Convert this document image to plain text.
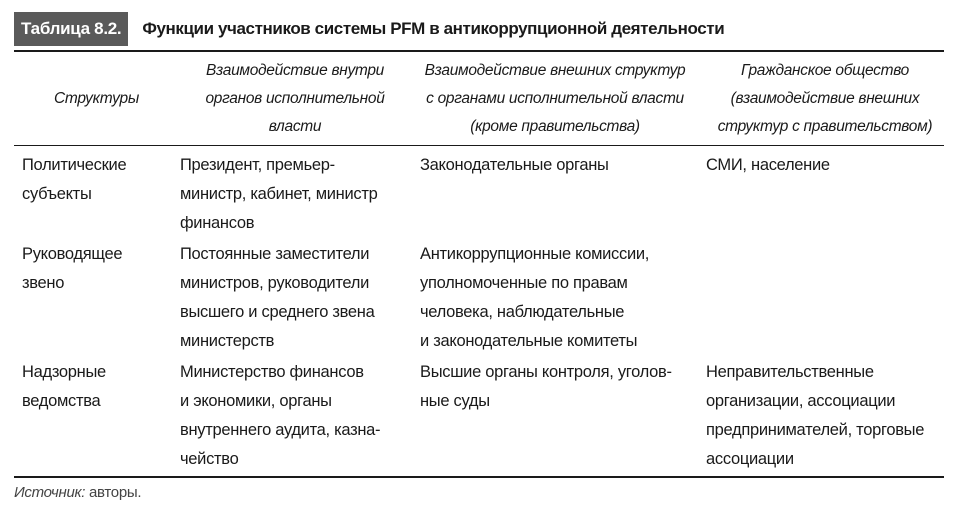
Таблица 8.2.	Функции участников системы PFM в антикоррупционной деятельности
Структуры
Взаимодействие внутри
органов исполнительной
власти
Взаимодействие внешних структур
с органами исполнительной власти
(кроме правительства)
Гражданское общество
(взаимодействие внешних
структур с правительством)
Политические
субъекты
Президент, премьер-
министр, кабинет, министр
финансов
Законодательные органы	СМИ, население
Руководящее
звено
Постоянные заместители
министров, руководители
высшего и среднего звена
министерств
Антикоррупционные комиссии,
уполномоченные по правам
человека, наблюдательные
и законодательные комитеты
Надзорные
ведомства
Министерство финансов
и экономики, органы
внутреннего аудита, казна-
чейство
Высшие органы контроля, уголов-
ные суды
Неправительственные
организации, ассоциации
предпринимателей, торговые
ассоциации
Источник: авторы.
